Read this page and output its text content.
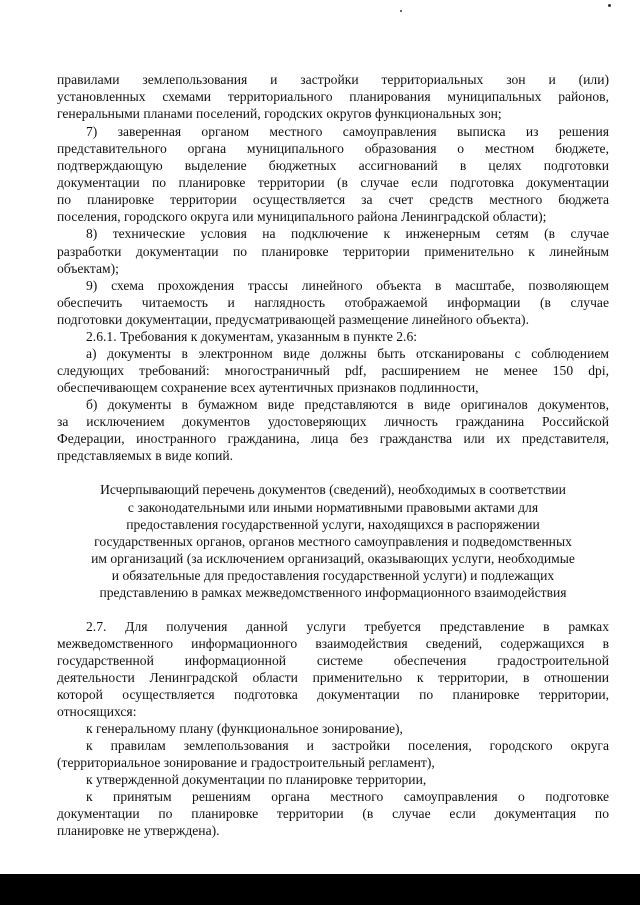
правилами землепользования и застройки территориальных зон и (или)
установленных схемами территориального планирования муниципальных районов,
генеральными планами поселений, городских округов функциональных зон;
7) заверенная органом местного самоуправления выписка из решения
представительного органа муниципального образования о местном бюджете,
подтверждающую выделение бюджетных ассигнований в целях подготовки
документации по планировке территории (в случае если подготовка документации
по планировке территории осуществляется за счет средств местного бюджета
поселения, городского округа или муниципального района Ленинградской области);
8) технические условия на подключение к инженерным сетям (в случае
разработки документации по планировке территории применительно к линейным
объектам);
9) схема прохождения трассы линейного объекта в масштабе, позволяющем
обеспечить читаемость и наглядность отображаемой информации (в случае
подготовки документации, предусматривающей размещение линейного объекта).
2.6.1. Требования к документам, указанным в пункте 2.6:
а) документы в электронном виде должны быть отсканированы с соблюдением
следующих требований: многостраничный pdf, расширением не менее 150 dpi,
обеспечивающем сохранение всех аутентичных признаков подлинности,
б) документы в бумажном виде представляются в виде оригиналов документов,
за исключением документов удостоверяющих личность гражданина Российской
Федерации, иностранного гражданина, лица без гражданства или их представителя,
представляемых в виде копий.
Исчерпывающий перечень документов (сведений), необходимых в соответствии
с законодательными или иными нормативными правовыми актами для
предоставления государственной услуги, находящихся в распоряжении
государственных органов, органов местного самоуправления и подведомственных
им организаций (за исключением организаций, оказывающих услуги, необходимые
и обязательные для предоставления государственной услуги) и подлежащих
представлению в рамках межведомственного информационного взаимодействия
2.7. Для получения данной услуги требуется представление в рамках
межведомственного информационного взаимодействия сведений, содержащихся в
государственной информационной системе обеспечения градостроительной
деятельности Ленинградской области применительно к территории, в отношении
которой осуществляется подготовка документации по планировке территории,
относящихся:
к генеральному плану (функциональное зонирование),
к правилам землепользования и застройки поселения, городского округа
(территориальное зонирование и градостроительный регламент),
к утвержденной документации по планировке территории,
к принятым решениям органа местного самоуправления о подготовке
документации по планировке территории (в случае если документация по
планировке не утверждена).
